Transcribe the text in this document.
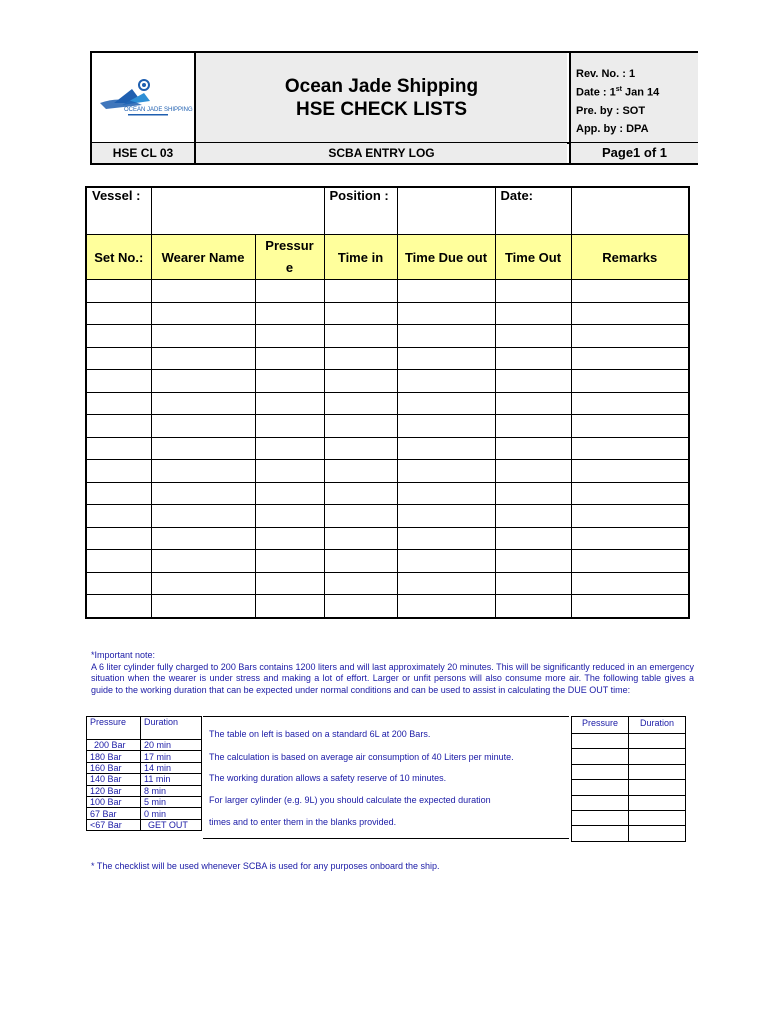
OCEAN JADE SHIPPING
Ocean Jade Shipping
HSE CHECK LISTS
Rev. No. : 1
Date : 1st Jan 14
Pre. by : SOT
App. by : DPA
HSE CL 03	SCBA ENTRY LOG	Page1 of 1
Vessel :			Position :		Date:	
Set No.:	Wearer Name	Pressure	Time in	Time Due out	Time Out	Remarks

*Important note:

A 6 liter cylinder fully charged to 200 Bars contains 1200 liters and will last approximately 20 minutes. This will be significantly reduced in an emergency situation when the wearer is under stress and making a lot of effort. Larger or unfit persons will also consume more air. The following table gives a guide to the working duration that can be expected under normal conditions and can be used to assist in calculating the DUE OUT time:

Pressure	Duration
200 Bar	20 min
180 Bar	17 min
160 Bar	14 min
140 Bar	11 min
120 Bar	8 min
100 Bar	5 min
67 Bar	0 min
<67 Bar	GET OUT
The table on left is based on a standard 6L at 200 Bars.
The calculation is based on average air consumption of 40 Liters per minute.
The working duration allows a safety reserve of 10 minutes.
For larger cylinder (e.g. 9L) you should calculate the expected duration
times and to enter them in the blanks provided.
Pressure	Duration

* The checklist will be used whenever SCBA is used for any purposes onboard the ship.
